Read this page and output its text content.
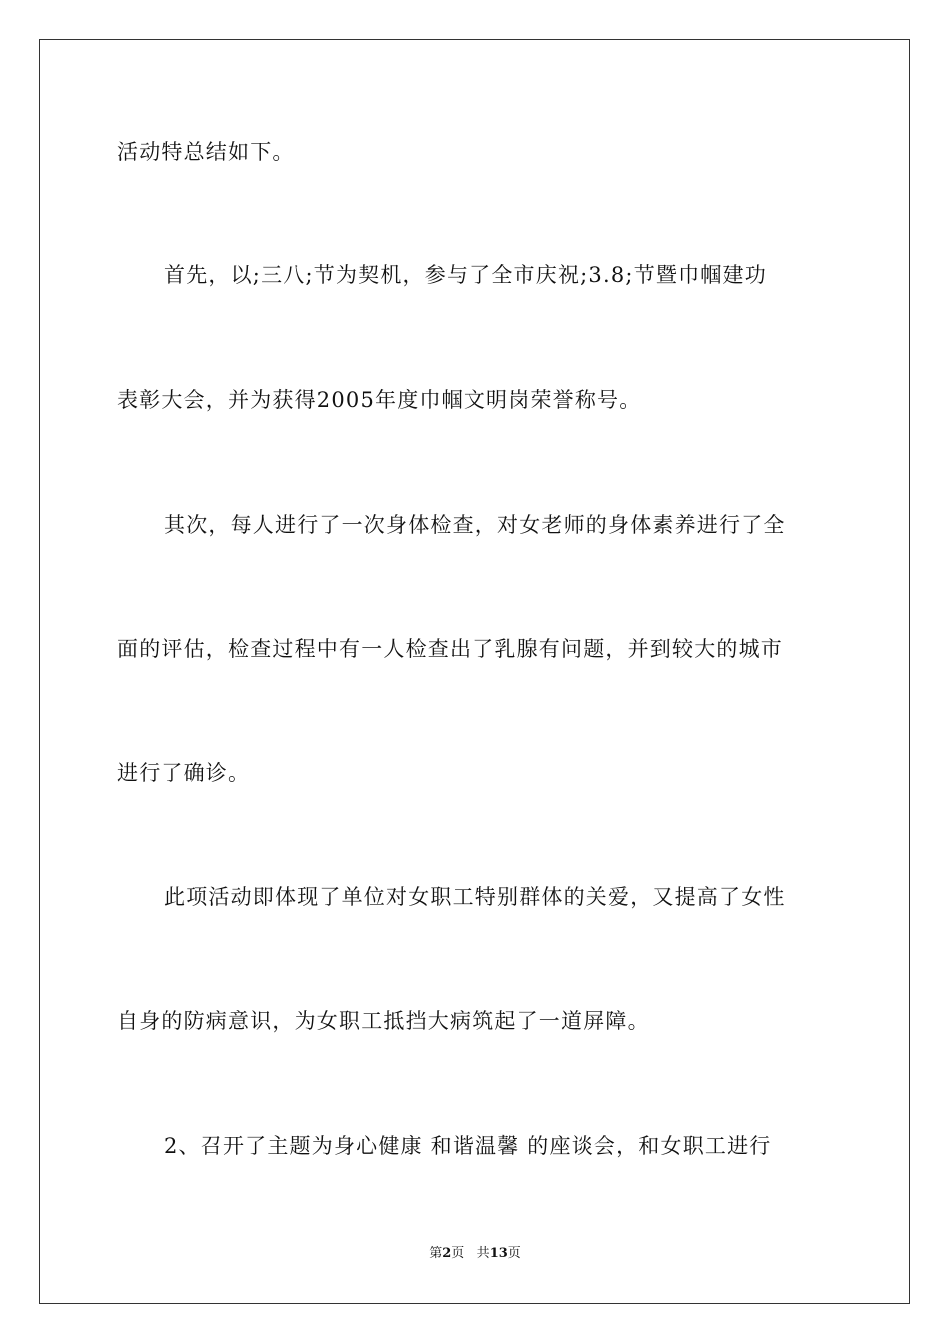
活动特总结如下。
首先，以;三八;节为契机，参与了全市庆祝;3.8;节暨巾帼建功
表彰大会，并为获得2005年度巾帼文明岗荣誉称号。
其次，每人进行了一次身体检查，对女老师的身体素养进行了全
面的评估，检查过程中有一人检查出了乳腺有问题，并到较大的城市
进行了确诊。
此项活动即体现了单位对女职工特别群体的关爱，又提高了女性
自身的防病意识，为女职工抵挡大病筑起了一道屏障。
2、召开了主题为身心健康 和谐温馨 的座谈会，和女职工进行
第2页 共13页
